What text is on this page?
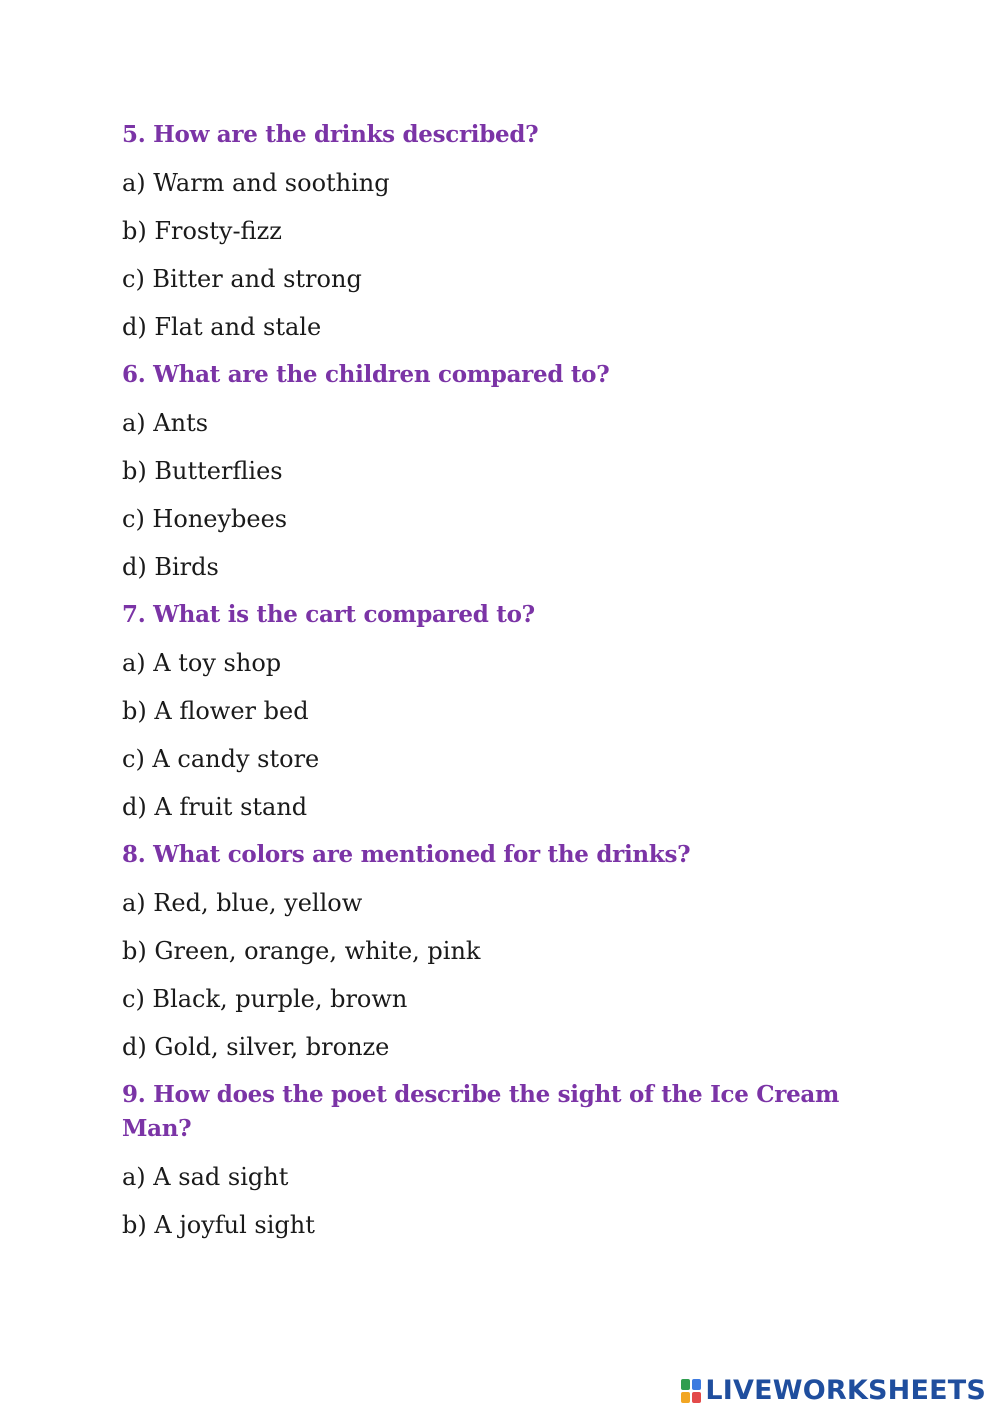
5. How are the drinks described?
a) Warm and soothing
b) Frosty-fizz
c) Bitter and strong
d) Flat and stale
6. What are the children compared to?
a) Ants
b) Butterflies
c) Honeybees
d) Birds
7. What is the cart compared to?
a) A toy shop
b) A flower bed
c) A candy store
d) A fruit stand
8. What colors are mentioned for the drinks?
a) Red, blue, yellow
b) Green, orange, white, pink
c) Black, purple, brown
d) Gold, silver, bronze
9. How does the poet describe the sight of the Ice Cream Man?
a) A sad sight
b) A joyful sight
LIVEWORKSHEETS
